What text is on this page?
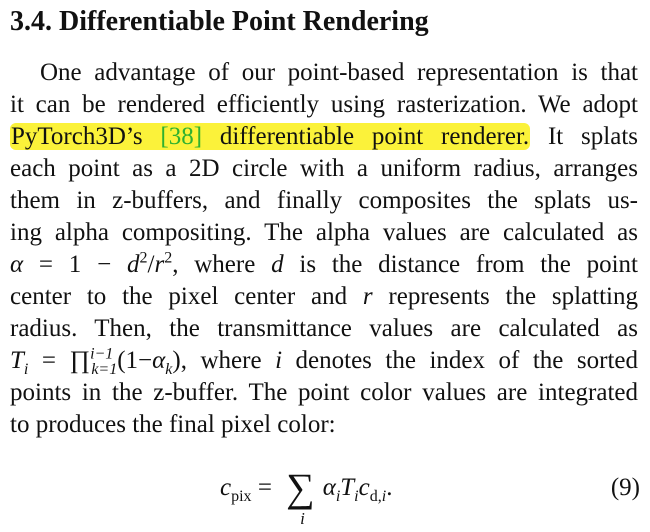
3.4. Differentiable Point Rendering
One advantage of our point-based representation is that
it can be rendered efficiently using rasterization. We adopt
PyTorch3D’s [38] differentiable point renderer. It splats
each point as a 2D circle with a uniform radius, arranges
them in z-buffers, and finally composites the splats us-
ing alpha compositing. The alpha values are calculated as
$\alpha = 1 - d^2/r^2$, where d is the distance from the point
center to the pixel center and r represents the splatting
radius. Then, the transmittance values are calculated as
$T_i$ = $\prod^{i-1}_{k=1}(1-\alpha_k)$, where i denotes the index of the sorted
points in the z-buffer. The point color values are integrated
to produces the final pixel color:
$c_{pix}$ = ∑
i
$\alpha_iT_ic_{d,i}$.	(9)
